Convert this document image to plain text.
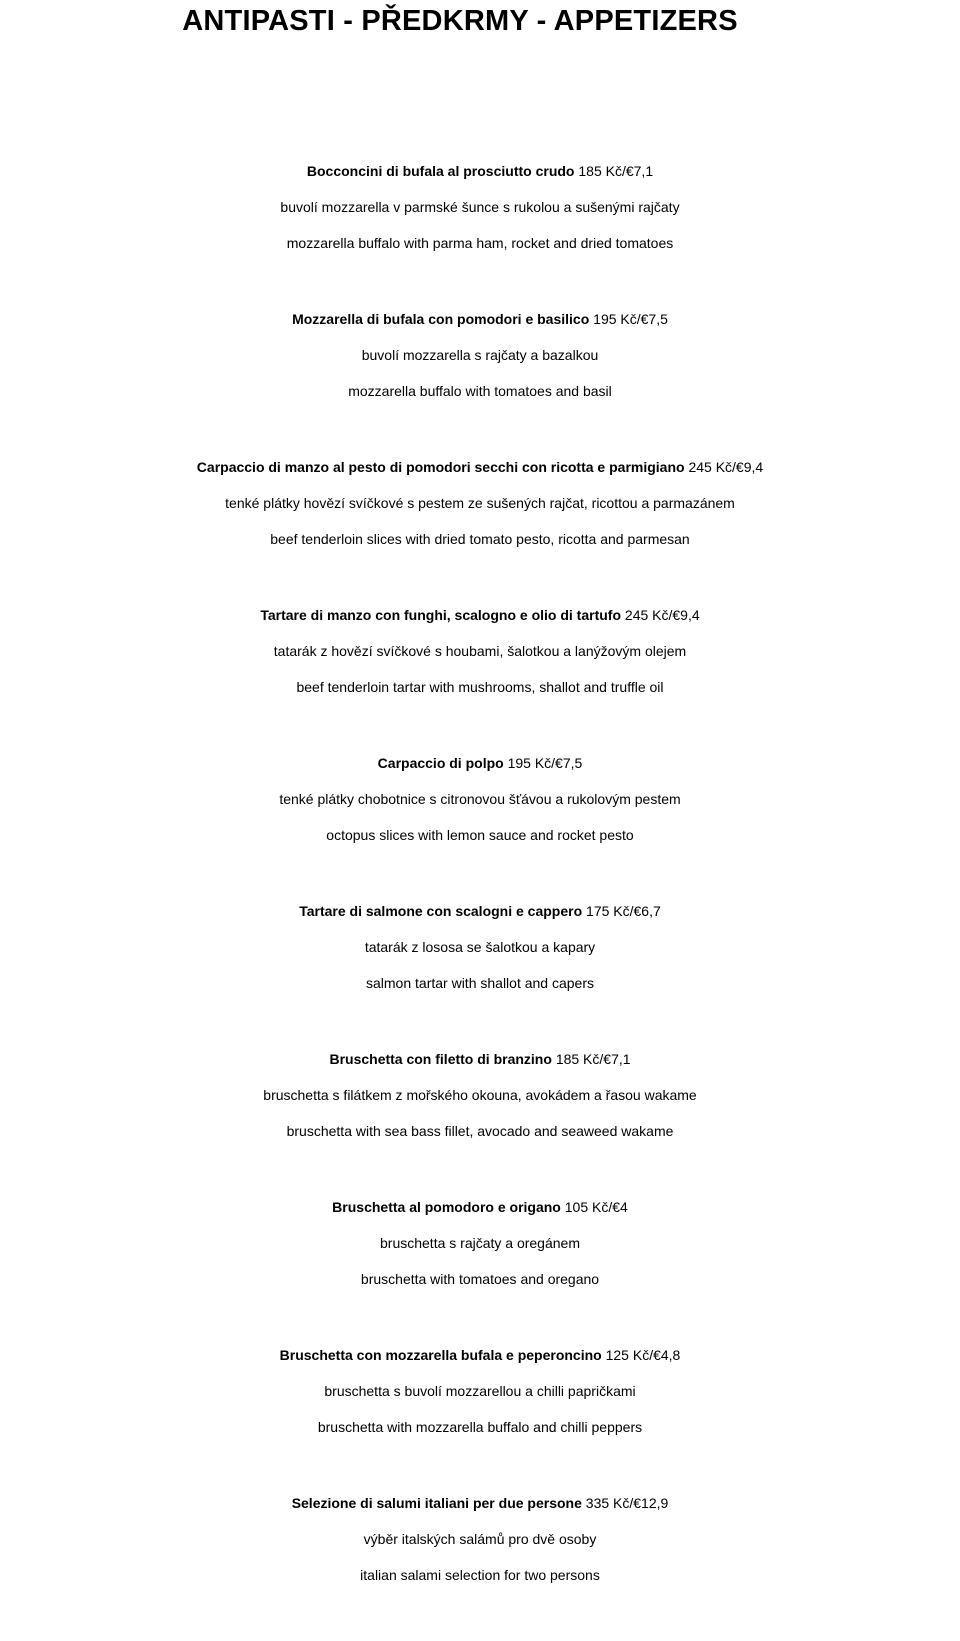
ANTIPASTI - PŘEDKRMY - APPETIZERS
Bocconcini di bufala al prosciutto crudo 185 Kč/€7,1
buvolí mozzarella v parmské šunce s rukolou a sušenými rajčaty
mozzarella buffalo with parma ham, rocket and dried tomatoes
Mozzarella di bufala con pomodori e basilico 195 Kč/€7,5
buvolí mozzarella s rajčaty a bazalkou
mozzarella buffalo with tomatoes and basil
Carpaccio di manzo al pesto di pomodori secchi con ricotta e parmigiano 245 Kč/€9,4
tenké plátky hovězí svíčkové s pestem ze sušených rajčat, ricottou a parmazánem
beef tenderloin slices with dried tomato pesto, ricotta and parmesan
Tartare di manzo con funghi, scalogno e olio di tartufo 245 Kč/€9,4
tatarák z hovězí svíčkové s houbami, šalotkou a lanýžovým olejem
beef tenderloin tartar with mushrooms, shallot and truffle oil
Carpaccio di polpo 195 Kč/€7,5
tenké plátky chobotnice s citronovou šťávou a rukolovým pestem
octopus slices with lemon sauce and rocket pesto
Tartare di salmone con scalogni e cappero 175 Kč/€6,7
tatarák z lososa se šalotkou a kapary
salmon tartar with shallot and capers
Bruschetta con filetto di branzino 185 Kč/€7,1
bruschetta s filátkem z mořského okouna, avokádem a řasou wakame
bruschetta with sea bass fillet, avocado and seaweed wakame
Bruschetta al pomodoro e origano 105 Kč/€4
bruschetta s rajčaty a oregánem
bruschetta with tomatoes and oregano
Bruschetta con mozzarella bufala e peperoncino 125 Kč/€4,8
bruschetta s buvolí mozzarellou a chilli papričkami
bruschetta with mozzarella buffalo and chilli peppers
Selezione di salumi italiani per due persone 335 Kč/€12,9
výběr italských salámů pro dvě osoby
italian salami selection for two persons
